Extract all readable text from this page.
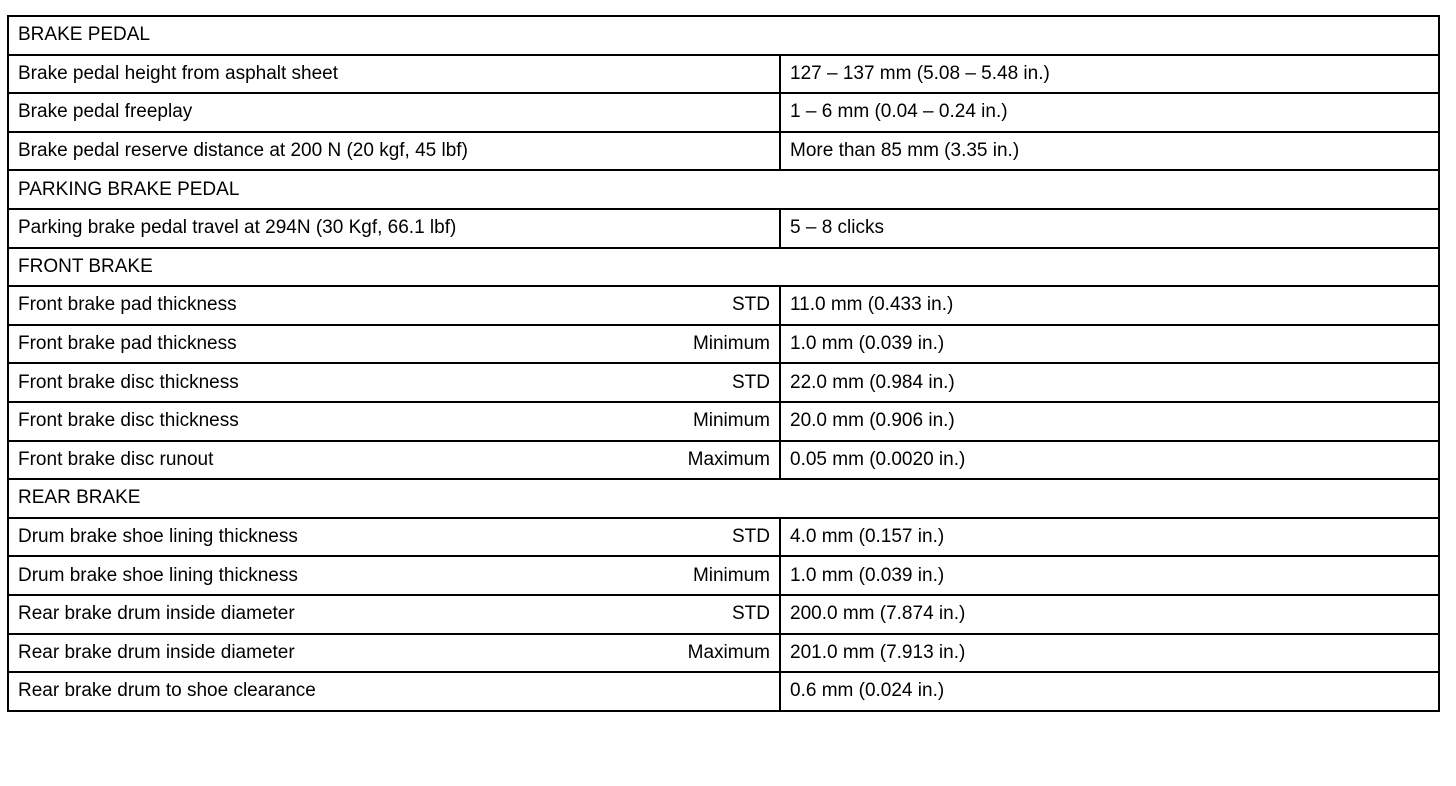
BRAKE PEDAL	

Brake pedal height from asphalt sheet	127 – 137 mm (5.08 – 5.48 in.)

Brake pedal freeplay	1 – 6 mm (0.04 – 0.24 in.)

Brake pedal reserve distance at 200 N (20 kgf, 45 lbf)	More than 85 mm (3.35 in.)
PARKING BRAKE PEDAL	

Parking brake pedal travel at 294N (30 Kgf, 66.1 lbf)	5 – 8 clicks
FRONT BRAKE	

Front brake pad thickness STD	11.0 mm (0.433 in.)

Front brake pad thickness Minimum	1.0 mm (0.039 in.)

Front brake disc thickness STD	22.0 mm (0.984 in.)

Front brake disc thickness Minimum	20.0 mm (0.906 in.)

Front brake disc runout Maximum	0.05 mm (0.0020 in.)
REAR BRAKE	

Drum brake shoe lining thickness STD	4.0 mm (0.157 in.)

Drum brake shoe lining thickness Minimum	1.0 mm (0.039 in.)

Rear brake drum inside diameter STD	200.0 mm (7.874 in.)

Rear brake drum inside diameter Maximum	201.0 mm (7.913 in.)

Rear brake drum to shoe clearance	0.6 mm (0.024 in.)
